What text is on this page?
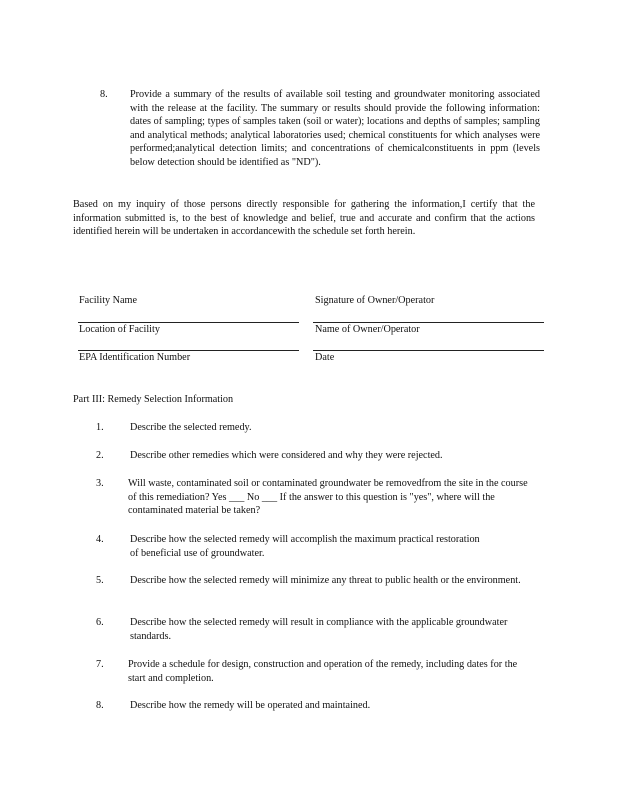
8. Provide a summary of the results of available soil testing and groundwater monitoring associated with the release at the facility. The summary or results should provide the following information: dates of sampling; types of samples taken (soil or water); locations and depths of samples; sampling and analytical methods; analytical laboratories used; chemical constituents for which analyses were performed;analytical detection limits; and concentrations of chemicalconstituents in ppm (levels below detection should be identified as "ND").
Based on my inquiry of those persons directly responsible for gathering the information,I certify that the information submitted is, to the best of knowledge and belief, true and accurate and confirm that the actions identified herein will be undertaken in accordancewith the schedule set forth herein.
Facility Name	Signature of Owner/Operator
Location of Facility	Name of Owner/Operator
EPA Identification Number	Date
Part III: Remedy Selection Information
1.	Describe the selected remedy.
2.	Describe other remedies which were considered and why they were rejected.
3. Will waste, contaminated soil or contaminated groundwater be removedfrom the site in the course of this remediation? Yes ___ No ___ If the answer to this question is "yes", where will the contaminated material be taken?
4.	Describe how the selected remedy will accomplish the maximum practical restoration of beneficial use of groundwater.
5.	Describe how the selected remedy will minimize any threat to public health or the environment.
6.	Describe how the selected remedy will result in compliance with the applicable groundwater standards.
7. Provide a schedule for design, construction and operation of the remedy, including dates for the start and completion.
8.	Describe how the remedy will be operated and maintained.
